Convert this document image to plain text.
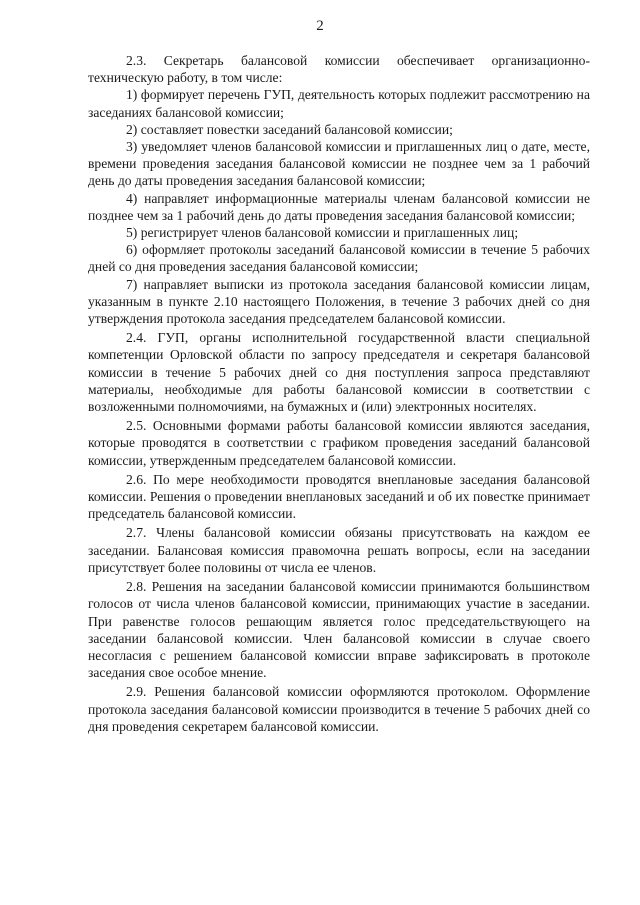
2

2.3. Секретарь балансовой комиссии обеспечивает организационно-техническую работу, в том числе:

1) формирует перечень ГУП, деятельность которых подлежит рассмотрению на заседаниях балансовой комиссии;

2) составляет повестки заседаний балансовой комиссии;

3) уведомляет членов балансовой комиссии и приглашенных лиц о дате, месте, времени проведения заседания балансовой комиссии не позднее чем за 1 рабочий день до даты проведения заседания балансовой комиссии;

4) направляет информационные материалы членам балансовой комиссии не позднее чем за 1 рабочий день до даты проведения заседания балансовой комиссии;

5) регистрирует членов балансовой комиссии и приглашенных лиц;

6) оформляет протоколы заседаний балансовой комиссии в течение 5 рабочих дней со дня проведения заседания балансовой комиссии;

7) направляет выписки из протокола заседания балансовой комиссии лицам, указанным в пункте 2.10 настоящего Положения, в течение 3 рабочих дней со дня утверждения протокола заседания председателем балансовой комиссии.

2.4. ГУП, органы исполнительной государственной власти специальной компетенции Орловской области по запросу председателя и секретаря балансовой комиссии в течение 5 рабочих дней со дня поступления запроса представляют материалы, необходимые для работы балансовой комиссии в соответствии с возложенными полномочиями, на бумажных и (или) электронных носителях.

2.5. Основными формами работы балансовой комиссии являются заседания, которые проводятся в соответствии с графиком проведения заседаний балансовой комиссии, утвержденным председателем балансовой комиссии.

2.6. По мере необходимости проводятся внеплановые заседания балансовой комиссии. Решения о проведении внеплановых заседаний и об их повестке принимает председатель балансовой комиссии.

2.7. Члены балансовой комиссии обязаны присутствовать на каждом ее заседании. Балансовая комиссия правомочна решать вопросы, если на заседании присутствует более половины от числа ее членов.

2.8. Решения на заседании балансовой комиссии принимаются большинством голосов от числа членов балансовой комиссии, принимающих участие в заседании. При равенстве голосов решающим является голос председательствующего на заседании балансовой комиссии. Член балансовой комиссии в случае своего несогласия с решением балансовой комиссии вправе зафиксировать в протоколе заседания свое особое мнение.

2.9. Решения балансовой комиссии оформляются протоколом. Оформление протокола заседания балансовой комиссии производится в течение 5 рабочих дней со дня проведения секретарем балансовой комиссии.
